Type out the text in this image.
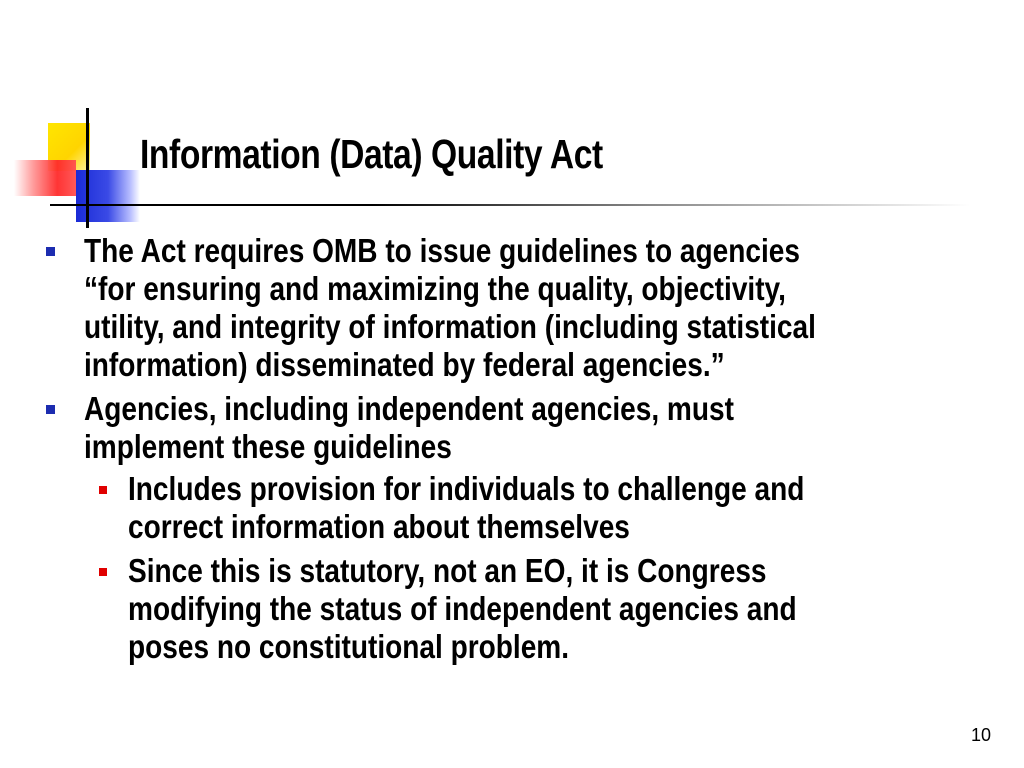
Information (Data) Quality Act
The Act requires OMB to issue guidelines to agencies
“for ensuring and maximizing the quality, objectivity,
utility, and integrity of information (including statistical
information) disseminated by federal agencies.”
Agencies, including independent agencies, must
implement these guidelines
Includes provision for individuals to challenge and
correct information about themselves
Since this is statutory, not an EO, it is Congress
modifying the status of independent agencies and
poses no constitutional problem.
10
